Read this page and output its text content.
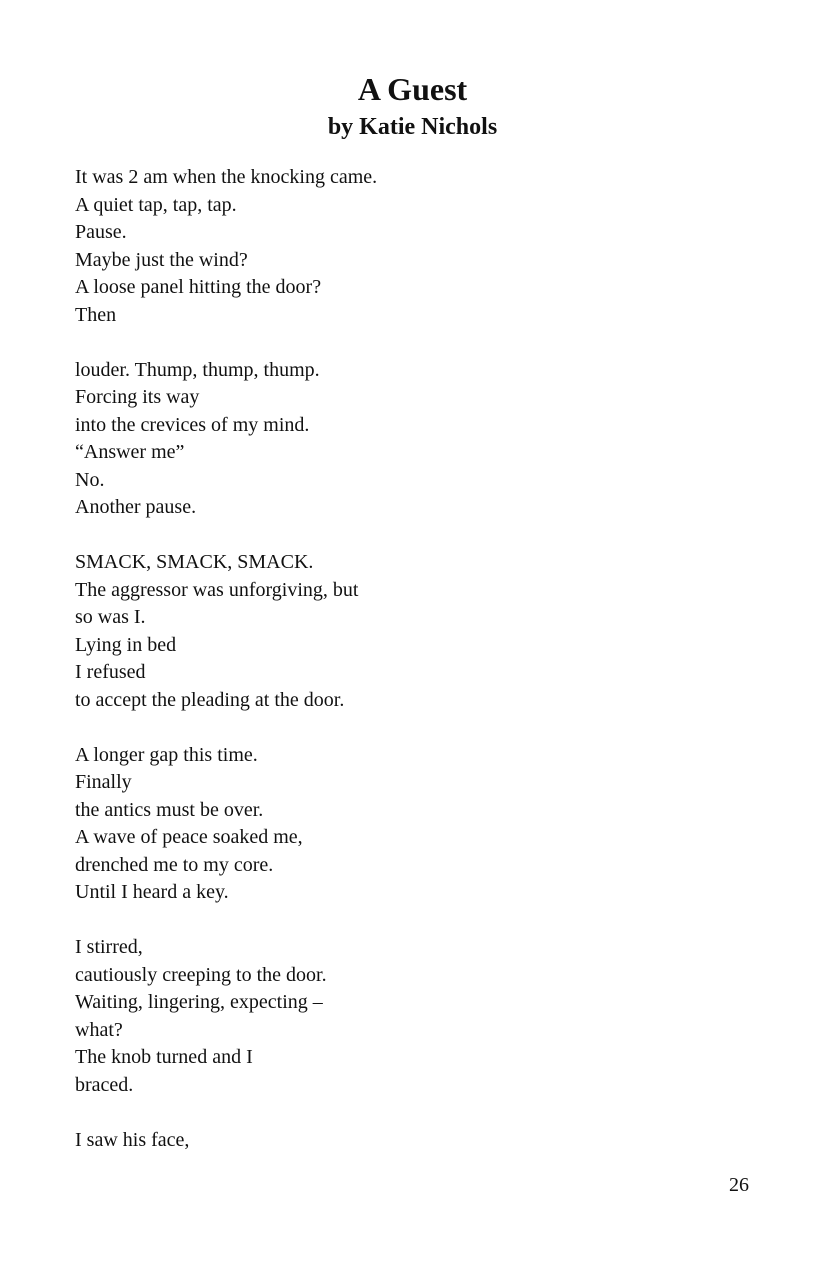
A Guest
by Katie Nichols
It was 2 am when the knocking came.
A quiet tap, tap, tap.
Pause.
Maybe just the wind?
A loose panel hitting the door?
Then
louder. Thump, thump, thump.
Forcing its way
into the crevices of my mind.
“Answer me”
No.
Another pause.
SMACK, SMACK, SMACK.
The aggressor was unforgiving, but
so was I.
Lying in bed
I refused
to accept the pleading at the door.
A longer gap this time.
Finally
the antics must be over.
A wave of peace soaked me,
drenched me to my core.
Until I heard a key.
I stirred,
cautiously creeping to the door.
Waiting, lingering, expecting –
what?
The knob turned and I
braced.
I saw his face,
26
